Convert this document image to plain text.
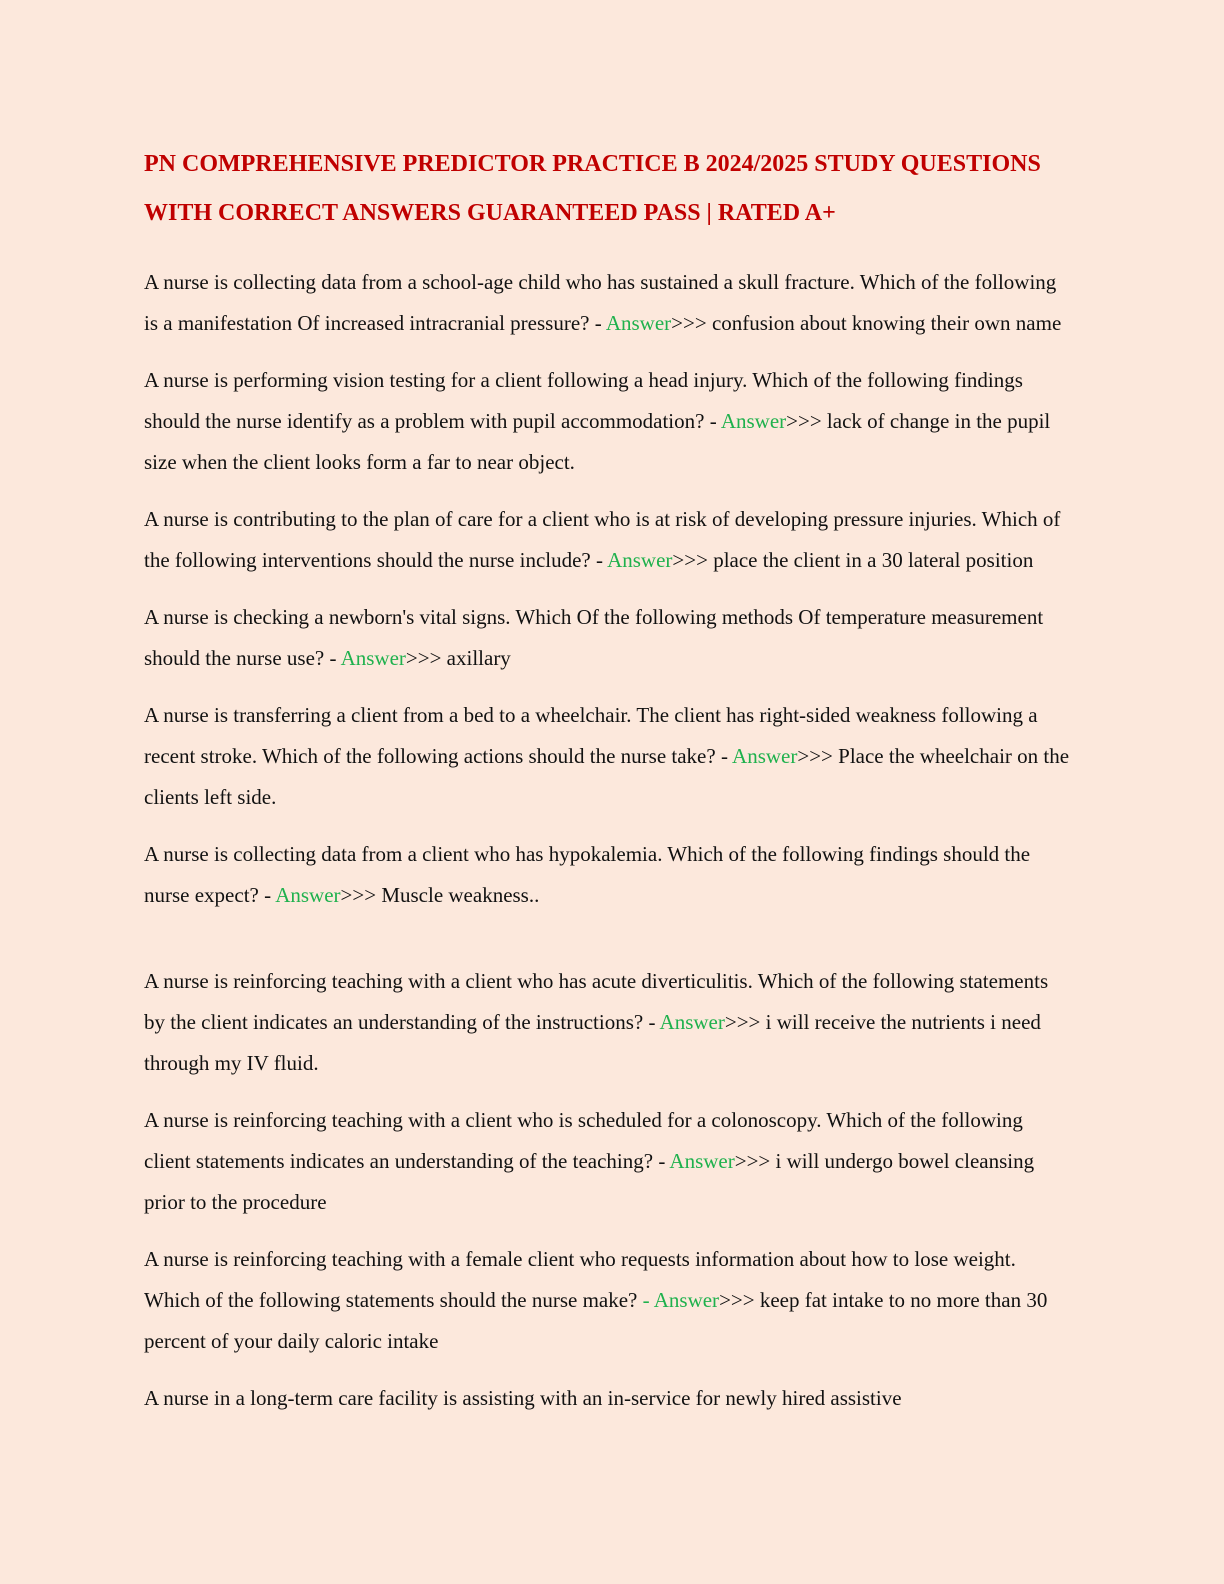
PN COMPREHENSIVE PREDICTOR PRACTICE B 2024/2025 STUDY QUESTIONS WITH CORRECT ANSWERS GUARANTEED PASS | RATED A+

A nurse is collecting data from a school-age child who has sustained a skull fracture. Which of the following is a manifestation Of increased intracranial pressure? - Answer>>> confusion about knowing their own name

A nurse is performing vision testing for a client following a head injury. Which of the following findings should the nurse identify as a problem with pupil accommodation? - Answer>>> lack of change in the pupil size when the client looks form a far to near object.

A nurse is contributing to the plan of care for a client who is at risk of developing pressure injuries. Which of the following interventions should the nurse include? - Answer>>> place the client in a 30 lateral position

A nurse is checking a newborn's vital signs. Which Of the following methods Of temperature measurement should the nurse use? - Answer>>> axillary

A nurse is transferring a client from a bed to a wheelchair. The client has right-sided weakness following a recent stroke. Which of the following actions should the nurse take? - Answer>>> Place the wheelchair on the clients left side.

A nurse is collecting data from a client who has hypokalemia. Which of the following findings should the nurse expect? - Answer>>> Muscle weakness..

A nurse is reinforcing teaching with a client who has acute diverticulitis. Which of the following statements by the client indicates an understanding of the instructions? - Answer>>> i will receive the nutrients i need through my IV fluid.

A nurse is reinforcing teaching with a client who is scheduled for a colonoscopy. Which of the following client statements indicates an understanding of the teaching? - Answer>>> i will undergo bowel cleansing prior to the procedure

A nurse is reinforcing teaching with a female client who requests information about how to lose weight. Which of the following statements should the nurse make? - Answer>>> keep fat intake to no more than 30 percent of your daily caloric intake

A nurse in a long-term care facility is assisting with an in-service for newly hired assistive
